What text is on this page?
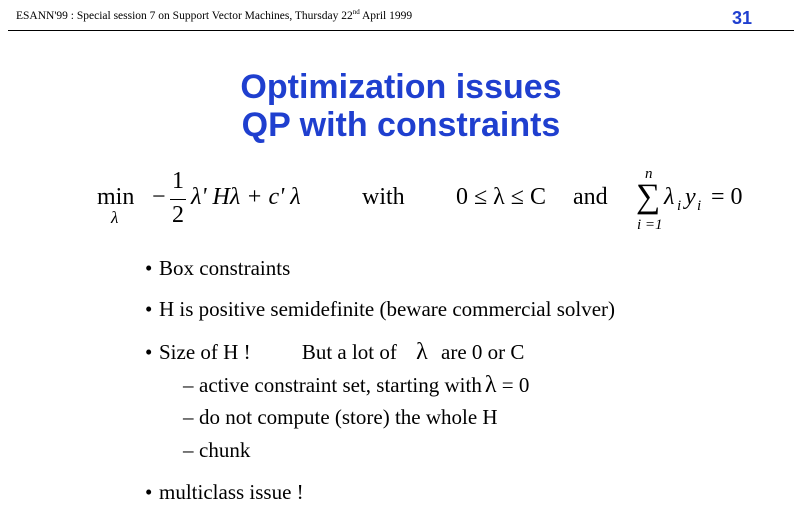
ESANN'99 : Special session 7 on Support Vector Machines, Thursday 22nd April 1999	31
Optimization issues
QP with constraints
min
λ
−
1
2
λ' Hλ + c' λ	with 0 ≤ λ ≤ C and
n
∑
i =1
λ i y i = 0
• Box constraints
• H is positive semidefinite (beware commercial solver)
• Size of H ! But a lot of λ are 0 or C
– active constraint set, starting with λ = 0
– do not compute (store) the whole H
– chunk
• multiclass issue !
